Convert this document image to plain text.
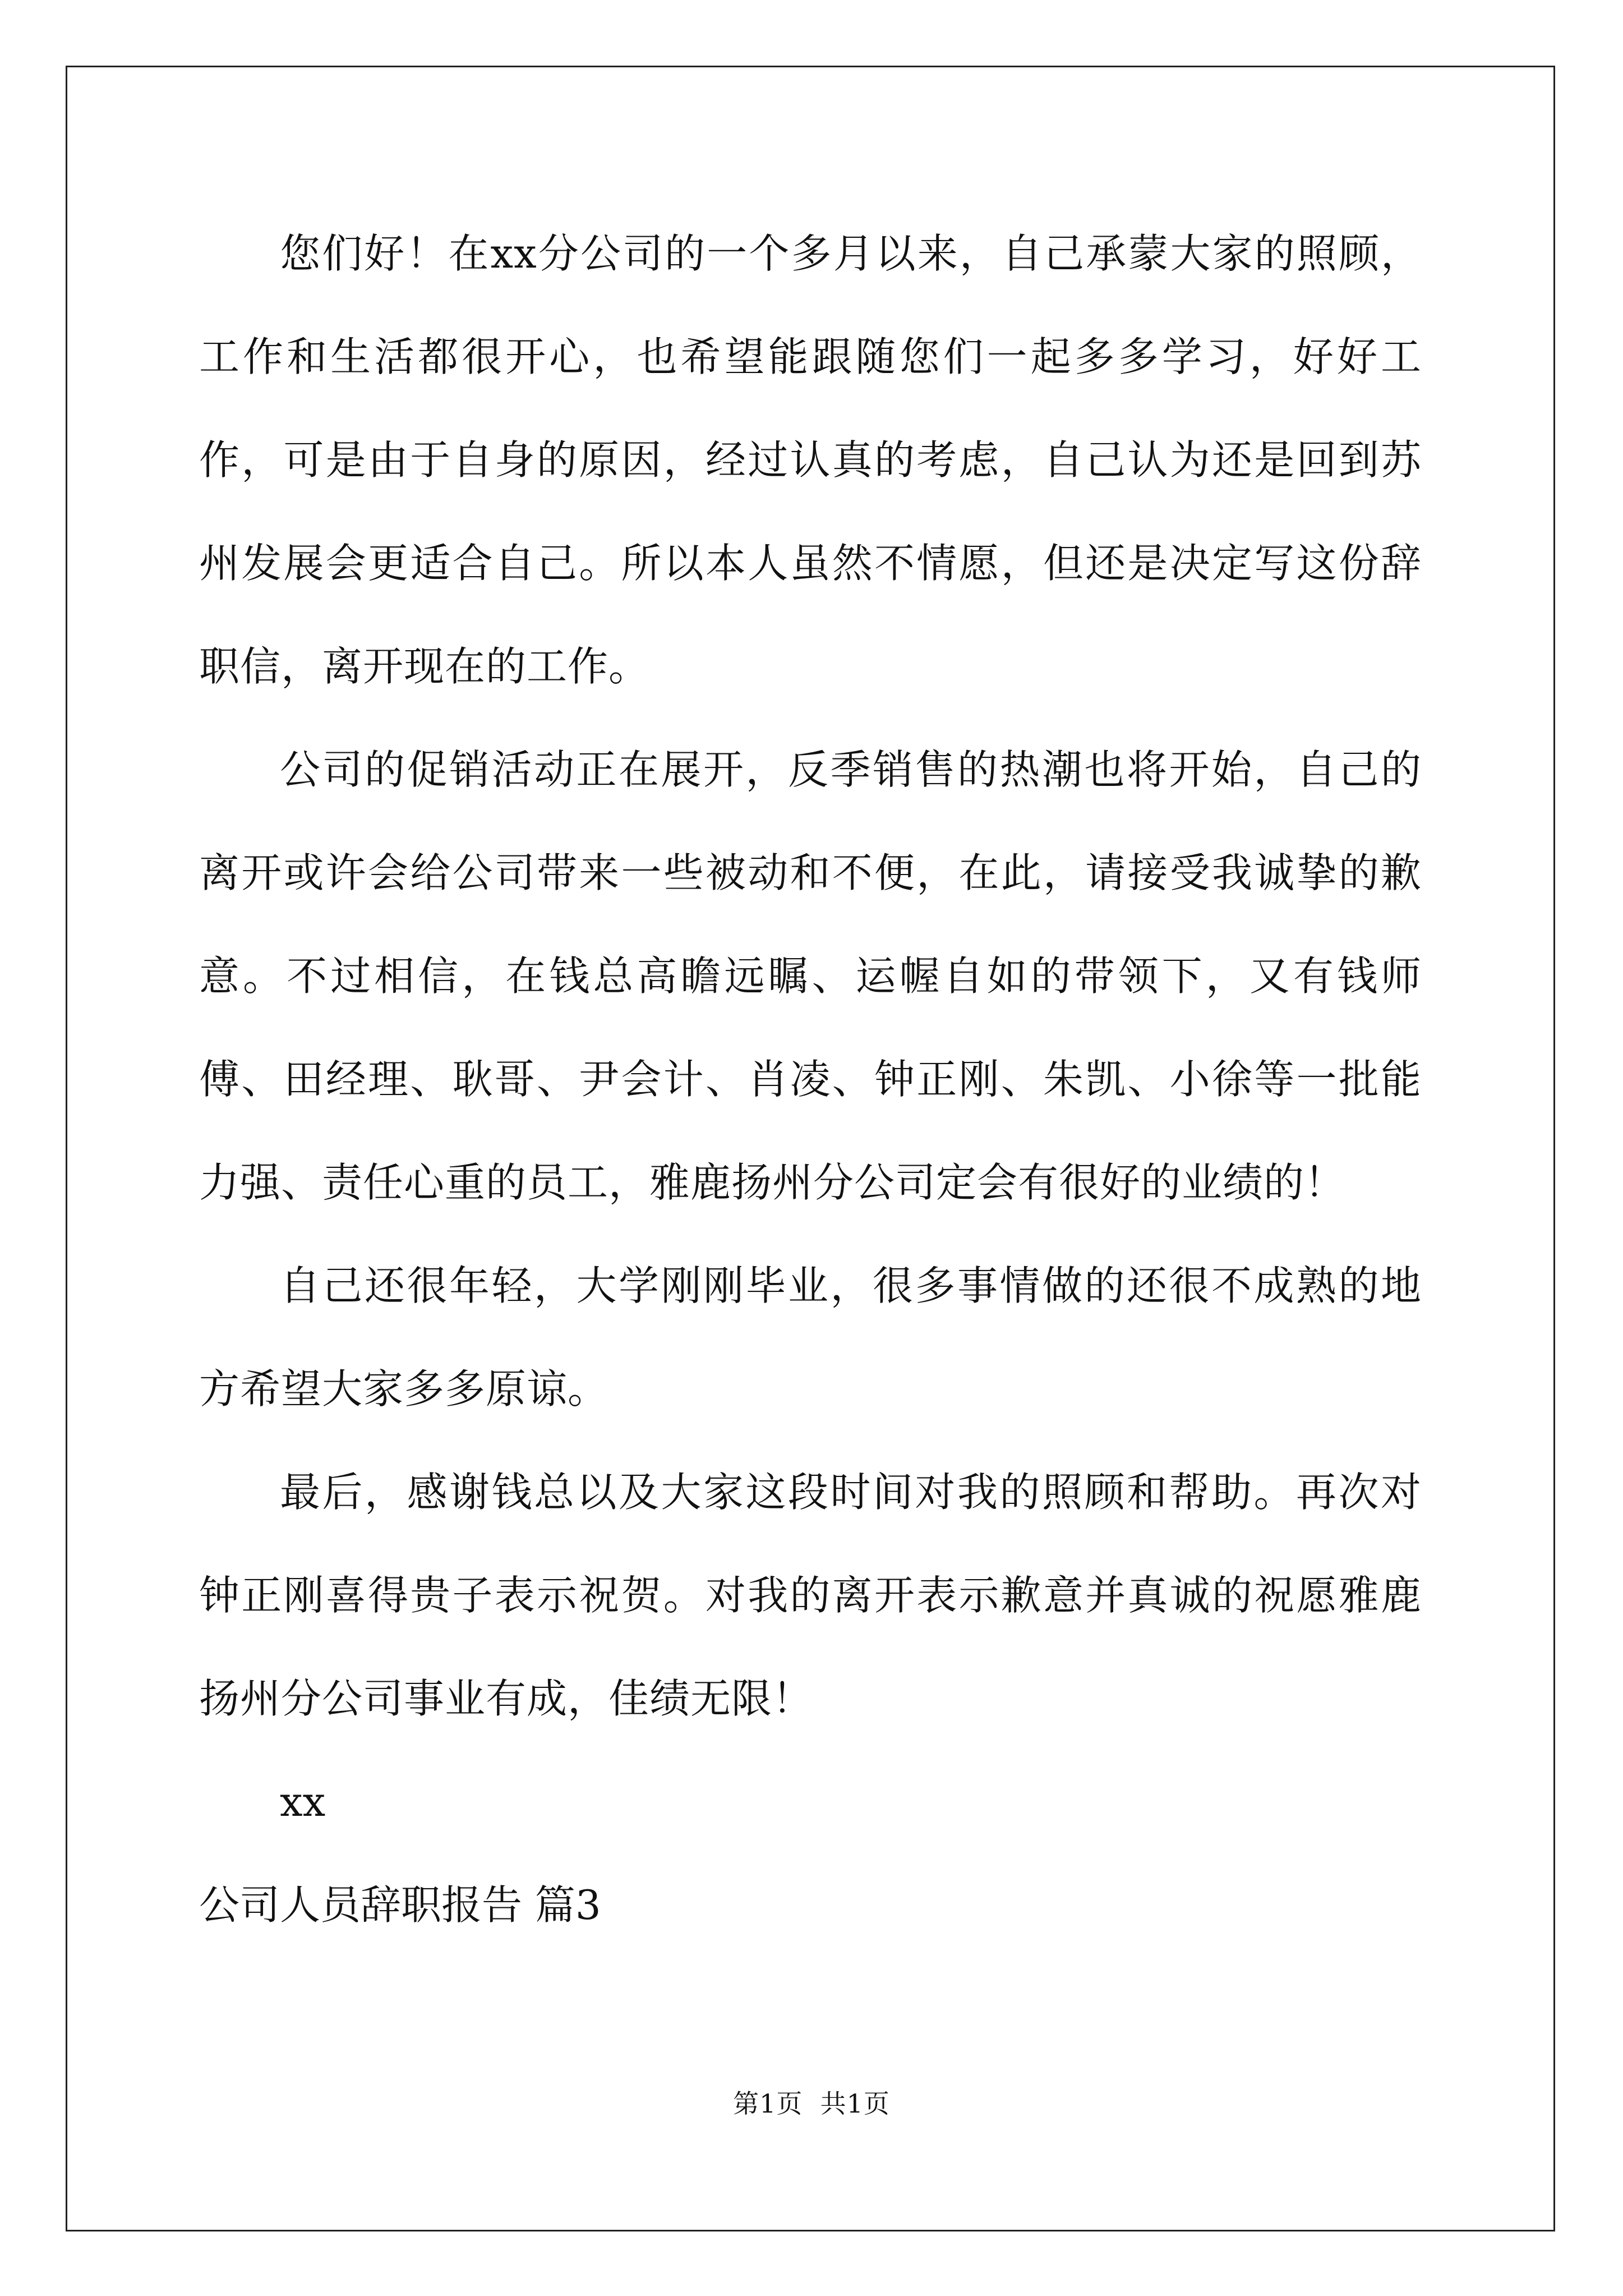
您们好！在xx分公司的一个多月以来，自己承蒙大家的照顾，工作和生活都很开心，也希望能跟随您们一起多多学习，好好工作，可是由于自身的原因，经过认真的考虑，自己认为还是回到苏州发展会更适合自己。所以本人虽然不情愿，但还是决定写这份辞职信，离开现在的工作。

公司的促销活动正在展开，反季销售的热潮也将开始，自己的离开或许会给公司带来一些被动和不便，在此，请接受我诚挚的歉意。不过相信，在钱总高瞻远瞩、运幄自如的带领下，又有钱师傅、田经理、耿哥、尹会计、肖凌、钟正刚、朱凯、小徐等一批能力强、责任心重的员工，雅鹿扬州分公司定会有很好的业绩的！

自己还很年轻，大学刚刚毕业，很多事情做的还很不成熟的地方希望大家多多原谅。

最后，感谢钱总以及大家这段时间对我的照顾和帮助。再次对钟正刚喜得贵子表示祝贺。对我的离开表示歉意并真诚的祝愿雅鹿扬州分公司事业有成，佳绩无限！

xx

公司人员辞职报告 篇3

第1页  共1页
